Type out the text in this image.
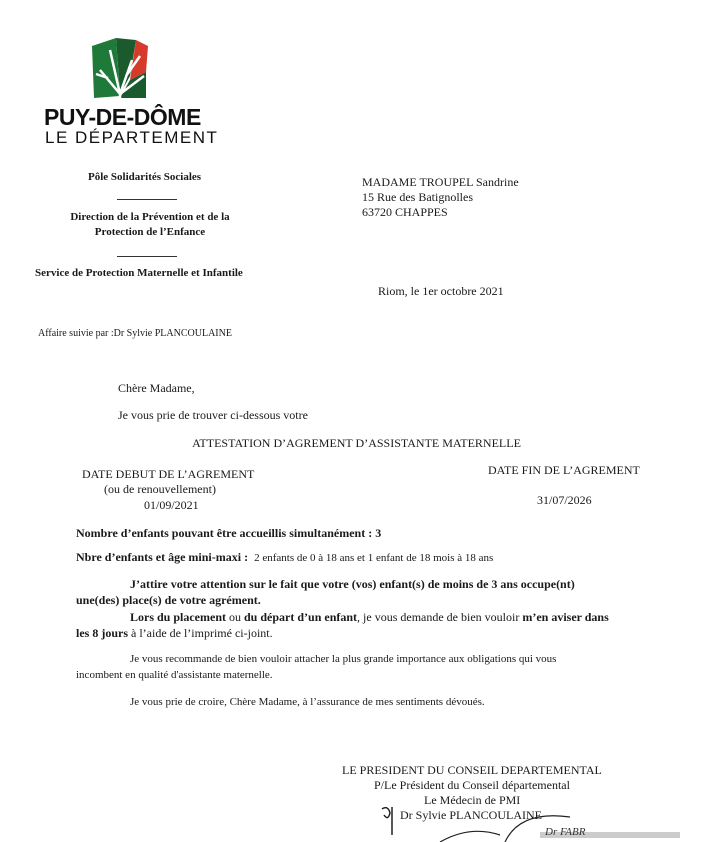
PUY-DE-DÔME
LE DÉPARTEMENT
Pôle Solidarités Sociales
Direction de la Prévention et de la
Protection de l’Enfance
Service de Protection Maternelle et Infantile
Affaire suivie par :Dr Sylvie PLANCOULAINE
MADAME TROUPEL Sandrine
15 Rue des Batignolles
63720 CHAPPES
Riom, le 1er octobre 2021
Chère Madame,
Je vous prie de trouver ci-dessous votre
ATTESTATION D’AGREMENT D’ASSISTANTE MATERNELLE
DATE DEBUT DE L’AGREMENT
(ou de renouvellement)
01/09/2021
DATE FIN DE L’AGREMENT
31/07/2026
Nombre d’enfants pouvant être accueillis simultanément : 3
Nbre d’enfants et âge mini-maxi : 2 enfants de 0 à 18 ans et 1 enfant de 18 mois à 18 ans
J’attire votre attention sur le fait que votre (vos) enfant(s) de moins de 3 ans occupe(nt)
une(des) place(s) de votre agrément.
Lors du placement ou du départ d’un enfant, je vous demande de bien vouloir m’en aviser dans
les 8 jours à l’aide de l’imprimé ci-joint.
Je vous recommande de bien vouloir attacher la plus grande importance aux obligations qui vous
incombent en qualité d'assistante maternelle.
Je vous prie de croire, Chère Madame, à l’assurance de mes sentiments dévoués.
LE PRESIDENT DU CONSEIL DEPARTEMENTAL
P/Le Président du Conseil départemental
Le Médecin de PMI
Dr Sylvie PLANCOULAINE
Dr FABR
